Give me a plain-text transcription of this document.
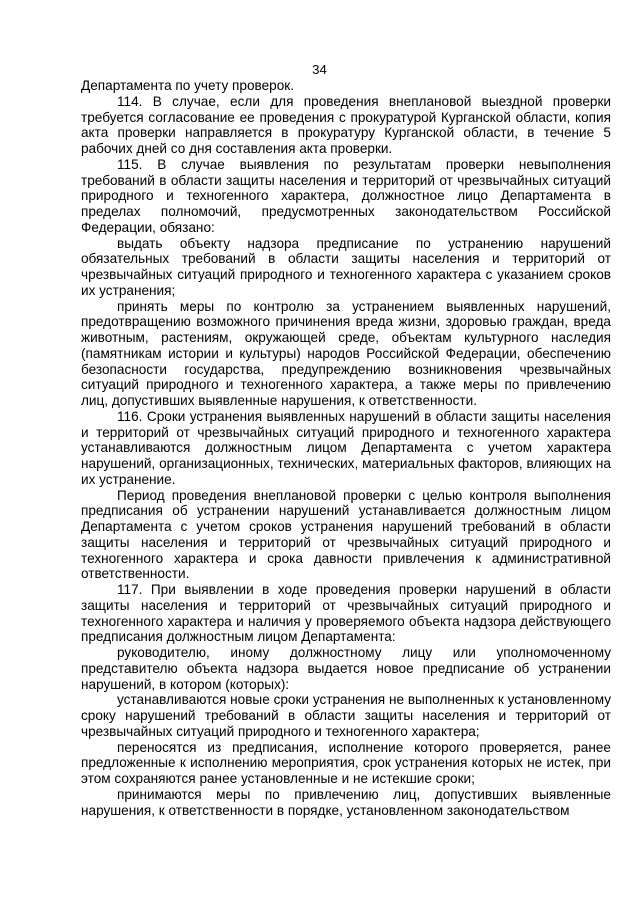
34

Департамента по учету проверок.

114. В случае, если для проведения внеплановой выездной проверки требуется согласование ее проведения с прокуратурой Курганской области, копия акта проверки направляется в прокуратуру Курганской области, в течение 5 рабочих дней со дня составления акта проверки.

115. В случае выявления по результатам проверки невыполнения требований в области защиты населения и территорий от чрезвычайных ситуаций природного и техногенного характера, должностное лицо Департамента в пределах полномочий, предусмотренных законодательством Российской Федерации, обязано:

выдать объекту надзора предписание по устранению нарушений обязательных требований в области защиты населения и территорий от чрезвычайных ситуаций природного и техногенного характера с указанием сроков их устранения;

принять меры по контролю за устранением выявленных нарушений, предотвращению возможного причинения вреда жизни, здоровью граждан, вреда животным, растениям, окружающей среде, объектам культурного наследия (памятникам истории и культуры) народов Российской Федерации, обеспечению безопасности государства, предупреждению возникновения чрезвычайных ситуаций природного и техногенного характера, а также меры по привлечению лиц, допустивших выявленные нарушения, к ответственности.

116. Сроки устранения выявленных нарушений в области защиты населения и территорий от чрезвычайных ситуаций природного и техногенного характера устанавливаются должностным лицом Департамента с учетом характера нарушений, организационных, технических, материальных факторов, влияющих на их устранение.

Период проведения внеплановой проверки с целью контроля выполнения предписания об устранении нарушений устанавливается должностным лицом Департамента с учетом сроков устранения нарушений требований в области защиты населения и территорий от чрезвычайных ситуаций природного и техногенного характера и срока давности привлечения к административной ответственности.

117. При выявлении в ходе проведения проверки нарушений в области защиты населения и территорий от чрезвычайных ситуаций природного и техногенного характера и наличия у проверяемого объекта надзора действующего предписания должностным лицом Департамента:

руководителю, иному должностному лицу или уполномоченному представителю объекта надзора выдается новое предписание об устранении нарушений, в котором (которых):

устанавливаются новые сроки устранения не выполненных к установленному сроку нарушений требований в области защиты населения и территорий от чрезвычайных ситуаций природного и техногенного характера;

переносятся из предписания, исполнение которого проверяется, ранее предложенные к исполнению мероприятия, срок устранения которых не истек, при этом сохраняются ранее установленные и не истекшие сроки;

принимаются меры по привлечению лиц, допустивших выявленные нарушения, к ответственности в порядке, установленном законодательством
